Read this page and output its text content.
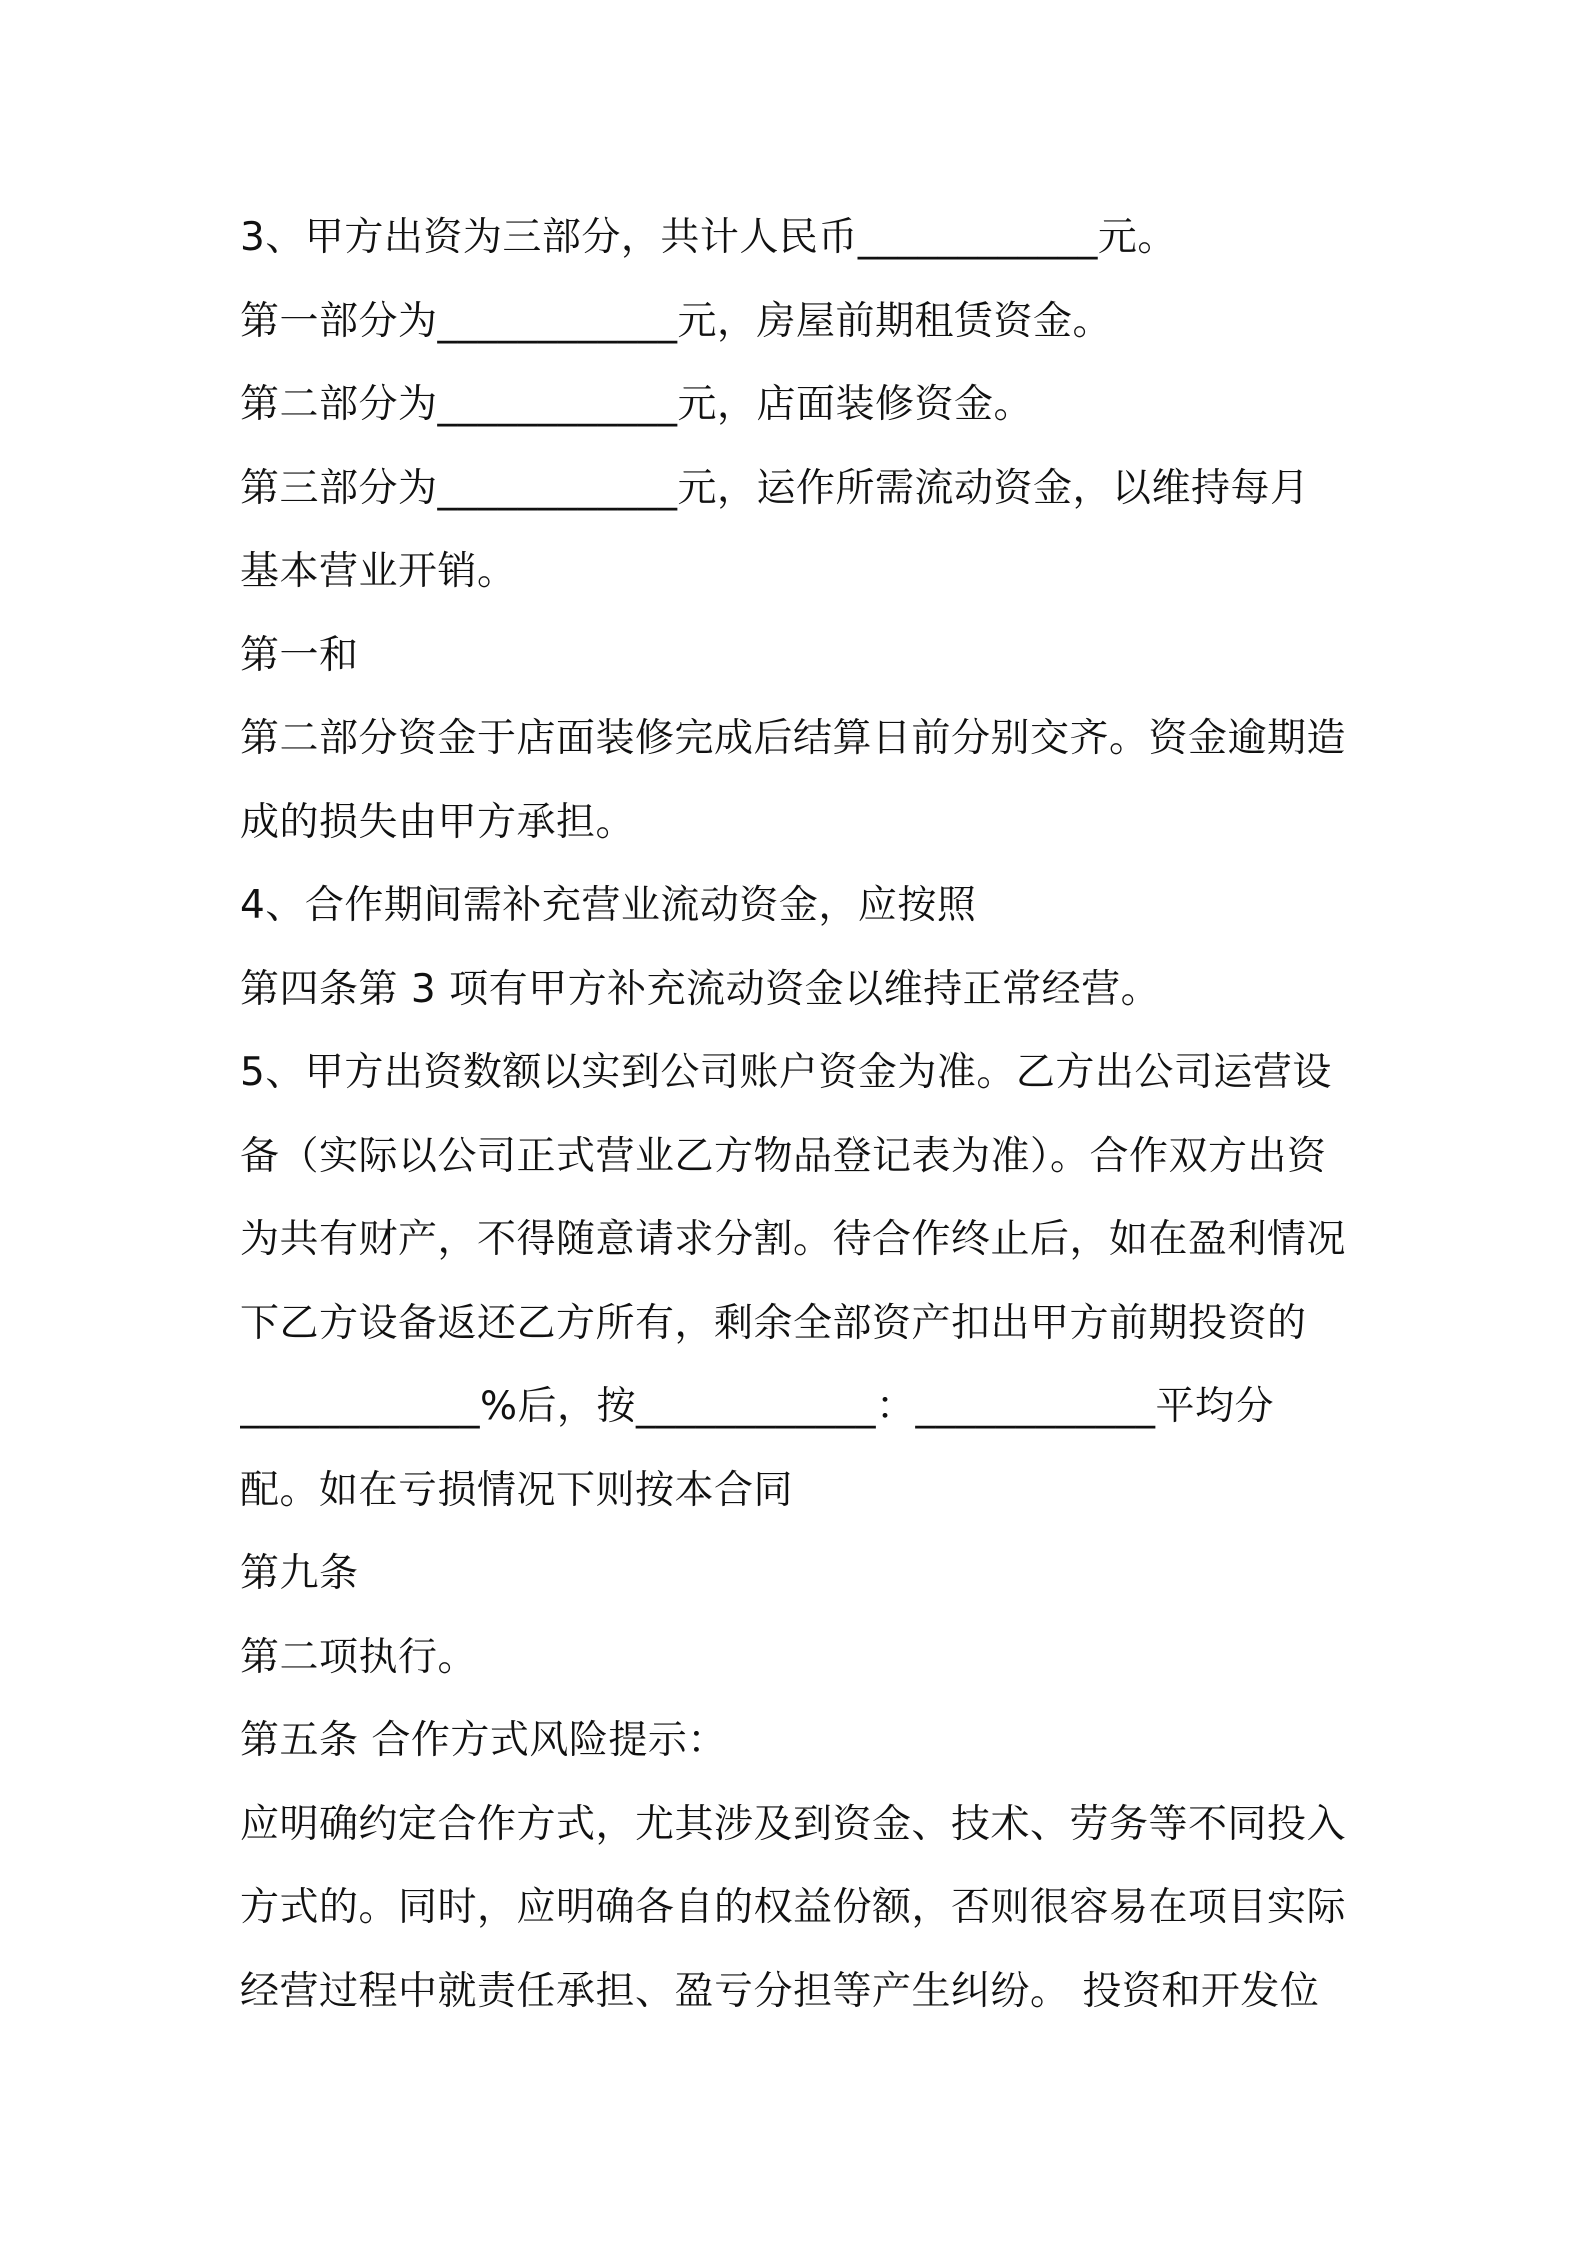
3、甲方出资为三部分，共计人民币____________元。
第一部分为____________元，房屋前期租赁资金。
第二部分为____________元，店面装修资金。
第三部分为____________元，运作所需流动资金，以维持每月
基本营业开销。
第一和
第二部分资金于店面装修完成后结算日前分别交齐。资金逾期造
成的损失由甲方承担。
4、合作期间需补充营业流动资金，应按照
第四条第 3 项有甲方补充流动资金以维持正常经营。
5、甲方出资数额以实到公司账户资金为准。乙方出公司运营设
备（实际以公司正式营业乙方物品登记表为准）。合作双方出资
为共有财产，不得随意请求分割。待合作终止后，如在盈利情况
下乙方设备返还乙方所有，剩余全部资产扣出甲方前期投资的
____________%后，按____________：____________平均分
配。如在亏损情况下则按本合同
第九条
第二项执行。
第五条 合作方式风险提示：
应明确约定合作方式，尤其涉及到资金、技术、劳务等不同投入
方式的。同时，应明确各自的权益份额，否则很容易在项目实际
经营过程中就责任承担、盈亏分担等产生纠纷。 投资和开发位
